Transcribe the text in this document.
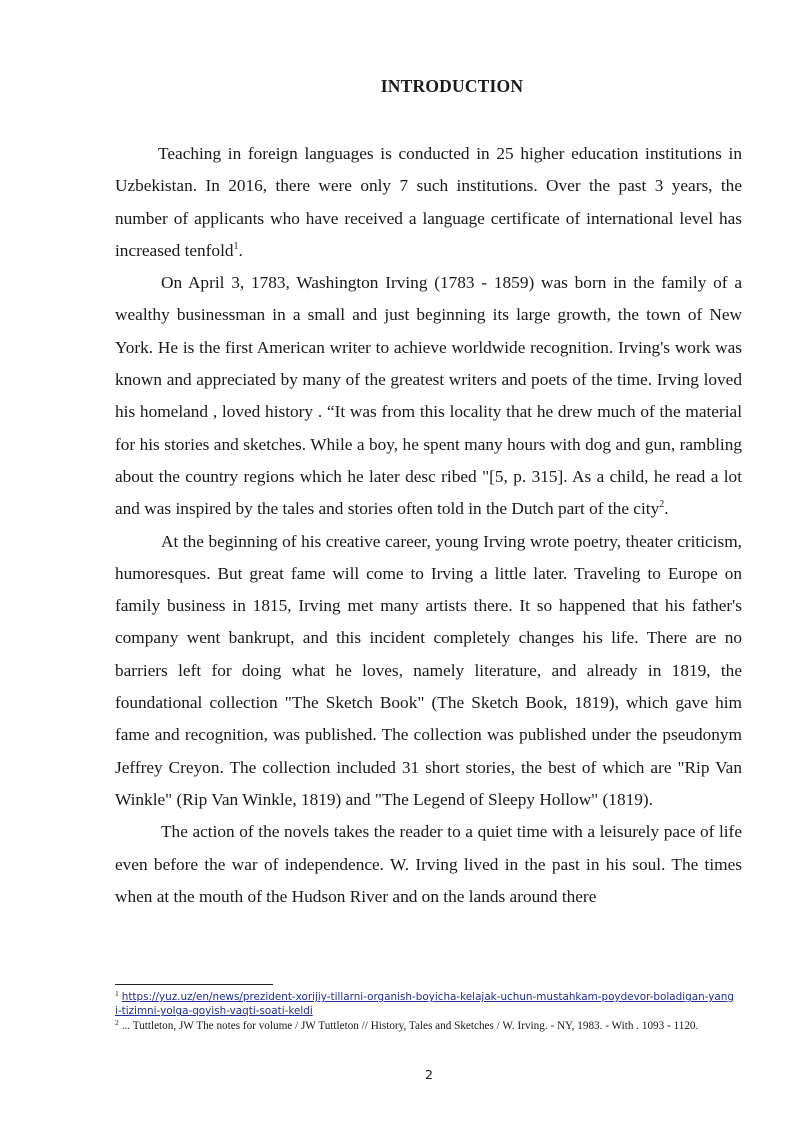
INTRODUCTION

Teaching in foreign languages is conducted in 25 higher education institutions in Uzbekistan. In 2016, there were only 7 such institutions. Over the past 3 years, the number of applicants who have received a language certificate of international level has increased tenfold$^1$.

On April 3, 1783, Washington Irving (1783 - 1859) was born in the family of a wealthy businessman in a small and just beginning its large growth, the town of New York. He is the first American writer to achieve worldwide recognition. Irving's work was known and appreciated by many of the greatest writers and poets of the time. Irving loved his homeland , loved history . “It was from this locality that he drew much of the material for his stories and sketches. While a boy, he spent many hours with dog and gun, rambling about the country regions which he later desc ribed "[5, p. 315]. As a child, he read a lot and was inspired by the tales and stories often told in the Dutch part of the city$^2$.

At the beginning of his creative career, young Irving wrote poetry, theater criticism, humoresques. But great fame will come to Irving a little later. Traveling to Europe on family business in 1815, Irving met many artists there. It so happened that his father's company went bankrupt, and this incident completely changes his life. There are no barriers left for doing what he loves, namely literature, and already in 1819, the foundational collection "The Sketch Book" (The Sketch Book, 1819), which gave him fame and recognition, was published. The collection was published under the pseudonym Jeffrey Creyon. The collection included 31 short stories, the best of which are "Rip Van Winkle" (Rip Van Winkle, 1819) and "The Legend of Sleepy Hollow" (1819).

The action of the novels takes the reader to a quiet time with a leisurely pace of life even before the war of independence. W. Irving lived in the past in his soul. The times when at the mouth of the Hudson River and on the lands around there

$^1$ https://yuz.uz/en/news/prezident-xorijiy-tillarni-organish-boyicha-kelajak-uchun-mustahkam-poydevor-boladigan-yangi-tizimni-yolga-qoyish-vaqti-soati-keldi

$^2$ ... Tuttleton, JW The notes for volume / JW Tuttleton // History, Tales and Sketches / W. Irving. - NY, 1983. - With . 1093 - 1120.

2
